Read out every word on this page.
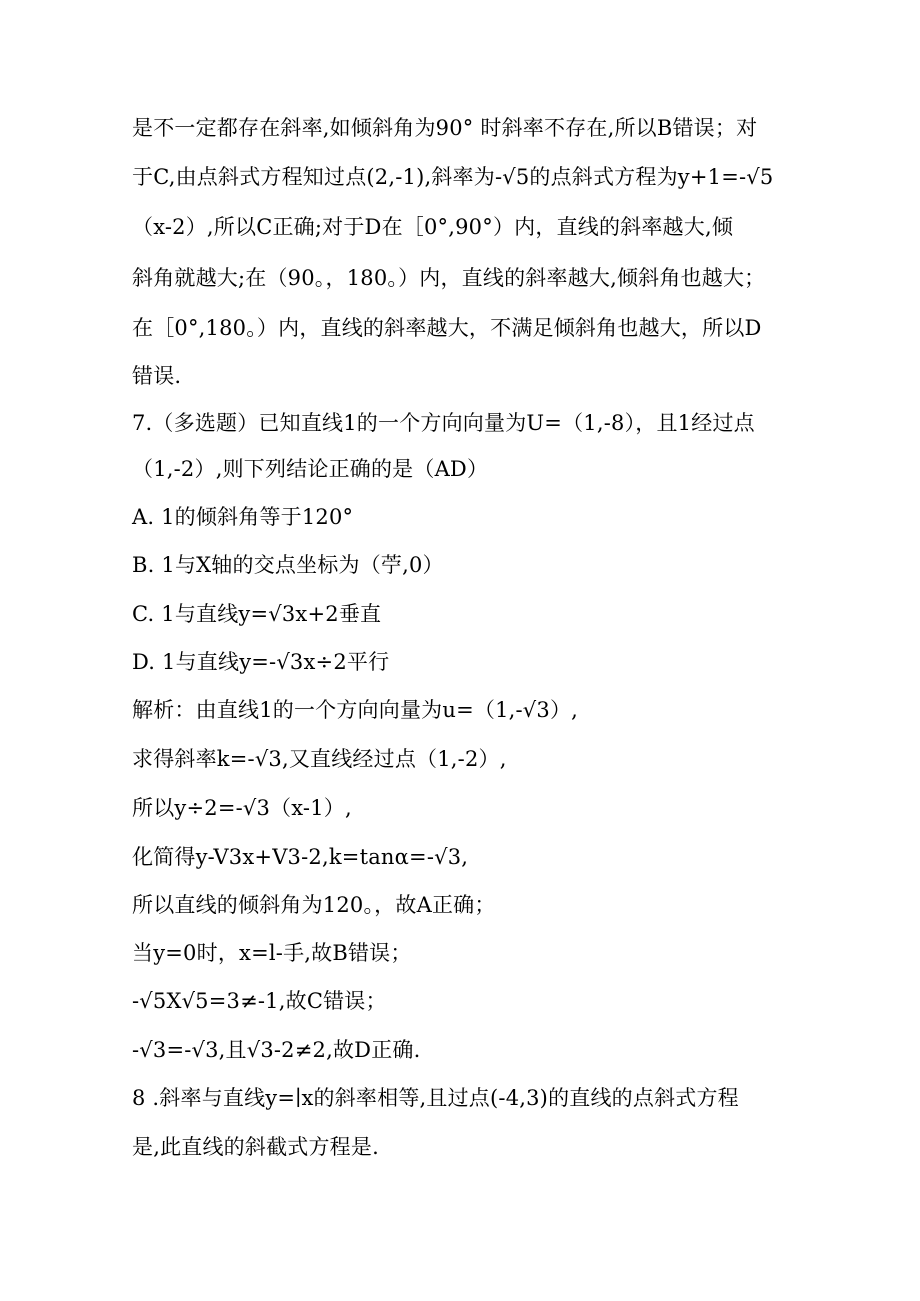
是不一定都存在斜率,如倾斜角为90° 时斜率不存在,所以B错误；对
于C,由点斜式方程知过点(2,-1),斜率为-√5的点斜式方程为y+1=-√5
（x-2）,所以C正确;对于D在［0°,90°）内，直线的斜率越大,倾
斜角就越大;在（90。，180。）内，直线的斜率越大,倾斜角也越大；
在［0°,180。）内，直线的斜率越大，不满足倾斜角也越大，所以D
错误.
7.（多选题）已知直线1的一个方向向量为U=（1,-8），且1经过点
（1,-2）,则下列结论正确的是（AD）
A. 1的倾斜角等于120°
B. 1与X轴的交点坐标为（苧,0）
C. 1与直线y=√3x+2垂直
D. 1与直线y=-√3x÷2平行
解析：由直线1的一个方向向量为u=（1,-√3）,
求得斜率k=-√3,又直线经过点（1,-2）,
所以y÷2=-√3（x-1）,
化简得y-V3x+V3-2,k=tanα=-√3,
所以直线的倾斜角为120。，故A正确；
当y=0时，x=l-手,故B错误；
-√5X√5=3≠-1,故C错误；
-√3=-√3,且√3-2≠2,故D正确.
8 .斜率与直线y=∣x的斜率相等,且过点(-4,3)的直线的点斜式方程
是,此直线的斜截式方程是.
